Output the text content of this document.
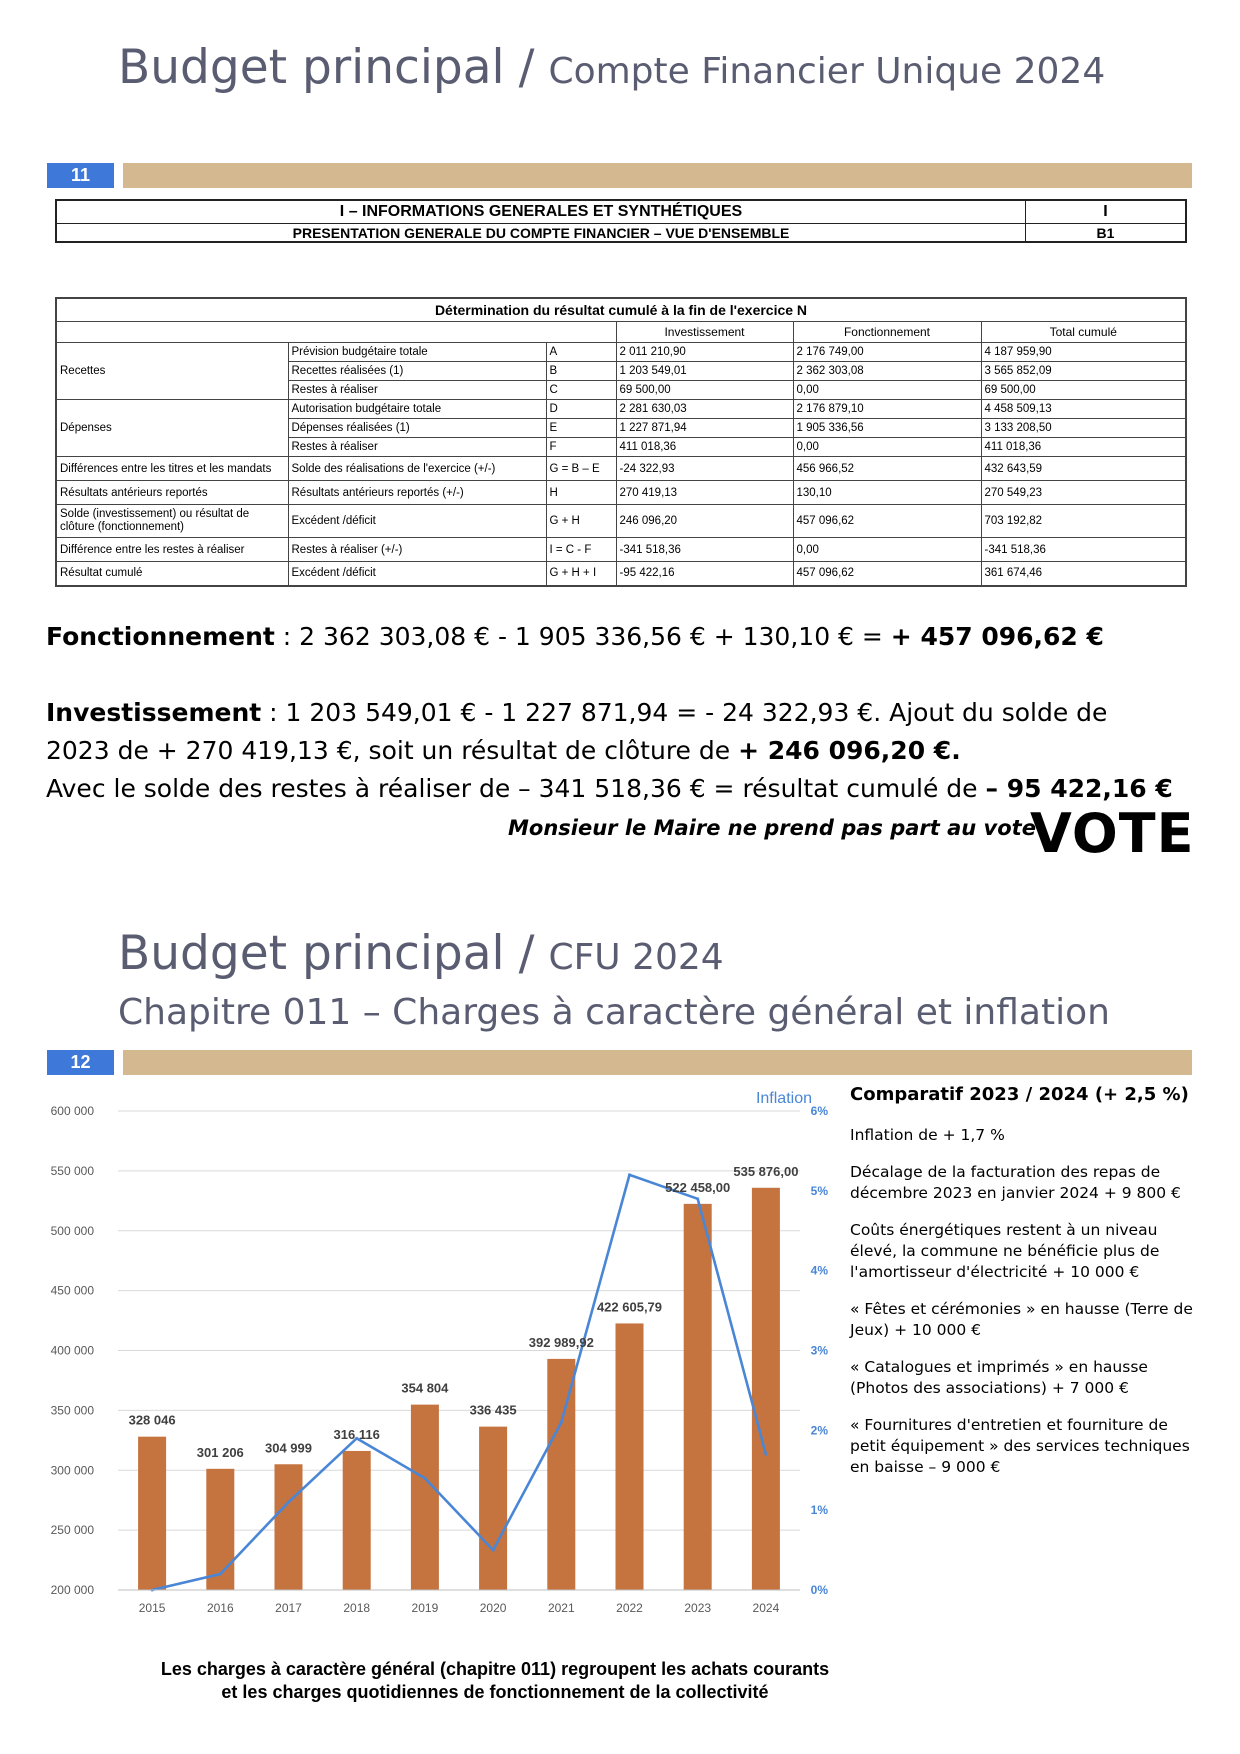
Budget principal / Compte Financier Unique 2024
11
I – INFORMATIONS GENERALES ET SYNTHÉTIQUES	I
PRESENTATION GENERALE DU COMPTE FINANCIER – VUE D'ENSEMBLE	B1
Détermination du résultat cumulé à la fin de l'exercice N					
			Investissement	Fonctionnement	Total cumulé
Recettes	Prévision budgétaire totale	A	2 011 210,90	2 176 749,00	4 187 959,90
	Recettes réalisées (1)	B	1 203 549,01	2 362 303,08	3 565 852,09
	Restes à réaliser	C	69 500,00	0,00	69 500,00
Dépenses	Autorisation budgétaire totale	D	2 281 630,03	2 176 879,10	4 458 509,13
	Dépenses réalisées (1)	E	1 227 871,94	1 905 336,56	3 133 208,50
	Restes à réaliser	F	411 018,36	0,00	411 018,36
Différences entre les titres et les mandats	Solde des réalisations de l'exercice (+/-)	G = B – E	-24 322,93	456 966,52	432 643,59
Résultats antérieurs reportés	Résultats antérieurs reportés (+/-)	H	270 419,13	130,10	270 549,23
Solde (investissement) ou résultat de clôture (fonctionnement)	Excédent /déficit	G + H	246 096,20	457 096,62	703 192,82
Différence entre les restes à réaliser	Restes à réaliser (+/-)	I = C - F	-341 518,36	0,00	-341 518,36
Résultat cumulé	Excédent /déficit	G + H + I	-95 422,16	457 096,62	361 674,46
Fonctionnement : 2 362 303,08 € - 1 905 336,56 € + 130,10 € = + 457 096,62 €
Investissement : 1 203 549,01 € - 1 227 871,94 = - 24 322,93 €. Ajout du solde de
2023 de + 270 419,13 €, soit un résultat de clôture de + 246 096,20 €.
Avec le solde des restes à réaliser de – 341 518,36 € = résultat cumulé de – 95 422,16 €
Monsieur le Maire ne prend pas part au vote
VOTE
Budget principal / CFU 2024
Chapitre 011 – Charges à caractère général et inflation
12
200 000
250 000
300 000
350 000
400 000
450 000
500 000
550 000
600 000
0%
1%
2%
3%
4%
5%
6%
Inflation
2015	2016	2017	2018	2019	2020	2021	2022	2023	2024
328 046
301 206 304 999
316 116
354 804
336 435
392 989,92
422 605,79
522 458,00
535 876,00
Comparatif 2023 / 2024 (+ 2,5 %)
Inflation de + 1,7 %
Décalage de la facturation des repas de décembre 2023 en janvier 2024 + 9 800 €
Coûts énergétiques restent à un niveau élevé, la commune ne bénéficie plus de l'amortisseur d'électricité + 10 000 €
« Fêtes et cérémonies » en hausse (Terre de Jeux) + 10 000 €
« Catalogues et imprimés » en hausse (Photos des associations) + 7 000 €
« Fournitures d'entretien et fourniture de petit équipement » des services techniques en baisse – 9 000 €
Les charges à caractère général (chapitre 011) regroupent les achats courants
et les charges quotidiennes de fonctionnement de la collectivité
